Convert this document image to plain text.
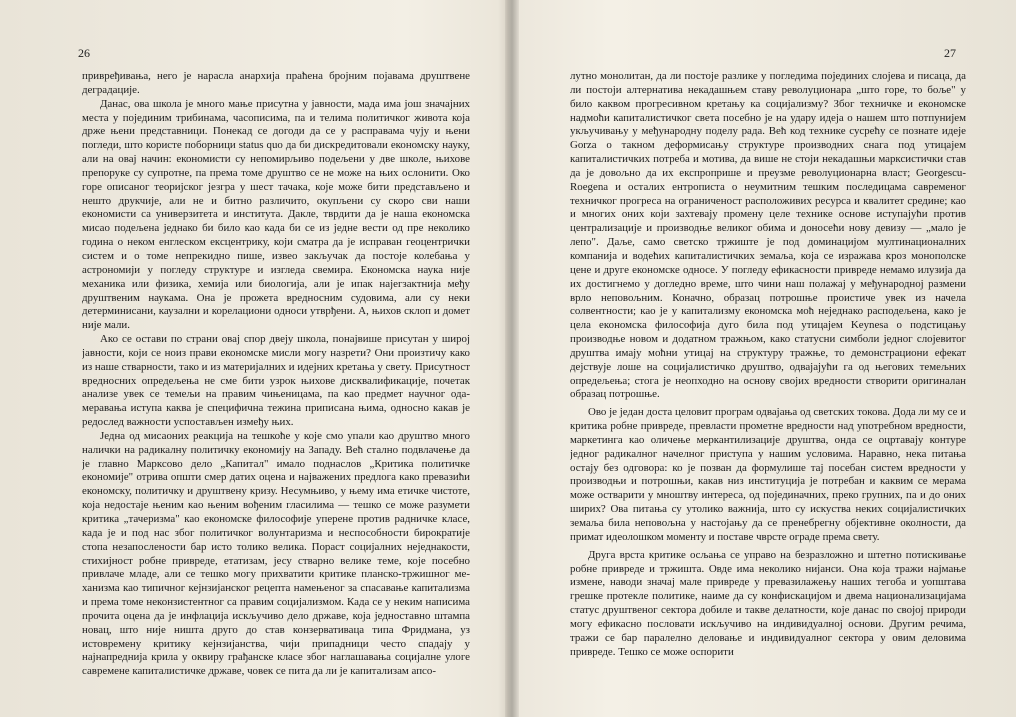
26

привређивања, него је нарасла анархија праћена бројним појавама друштвене деградације.

Данас, ова школа је много мање присутна у јавности, мада има још значајних места у појединим трибинама, часописима, па и телима политичког живота која држе њени представници. Понекад се догоди да се у расправама чују и њени погледи, што користе поборници status quo да би дискредитовали економску науку, али на овај начин: економисти су непомирљиво подељени у две школе, њихове препоруке су супротне, па према томе друштво се не може на њих ослонити. Око горе описаног теоријског језгра у шест тачака, које може бити представљено и нешто друкчије, али не и битно различито, окупљени су скоро сви наши економисти са универзитета и института. Дакле, тврдити да је наша економска мисао подељена једнако би било као када би се из једне вести од пре неколико година о неком енглеском ексцентрику, који сматра да је исправан геоцентрички систем и о томе непрекидно пише, извео закључак да постоје колебања у астрономији у погледу структуре и изгледа свемира. Економска наука није механика или физика, хемија или биологија, али је ипак најегзактнија међу друштвеним наукама. Она је прожета вредносним судовима, али су неки детерминисани, каузални и корелациони односи утврђени. А, њихов склоп и домет није мали.

Ако се остави по страни овај спор двеју школа, понајвише присутан у широј јавности, који се ноиз прави економске мисли могу назрети? Они произтичу како из наше стварности, тако и из материјалних и идејних кретања у свету. Присутност вредносних опредељења не сме бити узрок њихове дисквалификације, почетак анализе увек се темељи на правим чињеницама, па као предмет научног одамеравања иступа каква је специфична тежина приписана њима, односно какав је редослед важности успостављен између њих.

Једна од мисаоних реакција на тешкоће у које смо упали као друштво много налички на радикалну политичку економију на Западу. Већ стално подвлачење да је главно Марксово дело „Капитал" имало поднаслов „Критика политичке економије" отрива општи смер датих оцена и најважених предлога како превазићи економску, политичку и друштвену кризу. Несумњиво, у њему има етичке чистоте, која недостаје њеним као њеним вођеним гласилима — тешко се може разумети критика „тачеризма" као економске философије уперене против радничке класе, када је и под нас због политичког волунтаризма и неспособности бирократије стопа незапослености бар исто толико велика. Пораст социјалних неједнакости, стихијност робне привреде, етатизам, јесу стварно велике теме, које посебно привлаче младе, али се тешко могу прихватити критике планско-тржишног механизма као типичног кејнзијанског рецепта намењеног за спасавање капитализма и према томе неконзистентног са правим социјализмом. Када се у неким написима прочита оцена да је инфлација искључиво дело државе, која једноставно штампа новац, што није ништа друго до став конзервативаца типа Фридмана, уз истовремену критику кејнзијанства, чији припадници често спадају у најнапреднија крила у оквиру грађанске класе због наглашавања социјалне улоге савремене капиталистичке државе, човек се пита да ли је капитализам апсо-

27

лутно монолитан, да ли постоје разлике у погледима појединих слојева и писаца, да ли постоји алтернатива некадашњем ставу револуционара „што горе, то боље" у било каквом прогресивном кретању ка социјализму? Због техничке и економске надмоћи капиталистичког света посебно је на удару идеја о нашем што потпунијем укључивању у међународну поделу рада. Већ код технике сусрећу се познате идеје Gorza о такном деформисању структуре производних снага под утицајем капиталистичких потреба и мотива, да више не стоји некадашњи марксистички став да је довољно да их експроприше и преузме револуционарна власт; Georgescu-Roegena и осталих ентрописта о неумитним тешким последицама савременог техничког прогреса на ограниченост расположивих ресурса и квалитет средине; као и многих оних који захтевају промену целе технике основе иступајући против централизације и производње великог обима и доносећи нову девизу — „мало је лепо". Даље, само светско тржиште је под доминацијом мултинационалних компанија и водећих капиталистичких земаља, која се изражава кроз монополске цене и друге економске односе. У погледу ефикасности привреде немамо илузија да их достигнемо у догледно време, што чини наш полажај у међународној размени врло неповољним. Коначно, образац потрошње проистиче увек из начела солвентности; као је у капитализму економска моћ неједнако расподељена, како је цела економска философија дуго била под утицајем Keynesa о подстицању производње новом и додатном тражњом, како статусни симболи једног слојевитог друштва имају моћни утицај на структуру тражње, то демонстрациони ефекат дејствује лоше на социјалистичко друштво, одвајајући га од његових темељних опредељења; стога је неопходно на основу својих вредности створити оригиналан образац потрошње.

Ово је један доста целовит програм одвајања од светских токова. Дода ли му се и критика робне привреде, превласти прометне вредности над употребном вредности, маркетинга као оличење меркантилизације друштва, онда се оцртавају контуре једног радикалног начелног приступа у нашим условима. Наравно, нека питања остају без одговора: ко је позван да формулише тај посебан систем вредности у производњи и потрошњи, какав низ институција је потребан и каквим се мерама може остварити у мноштву интереса, од појединачних, преко групних, па и до оних ширих? Ова питања су утолико важнија, што су искуства неких социјалистичких земаља била неповољна у настојању да се пренебрегну објективне околности, да примат идеолошком моменту и поставе чврсте ограде према свету.

Друга врста критике осљања се управо на безразложно и штетно потискивање робне привреде и тржишта. Овде има неколико нијанси. Она која тражи најмање измене, наводи значај мале привреде у превазилажењу наших тегоба и уопштава грешке протекле политике, наиме да су конфискацијом и двема национализацијама статус друштвеног сектора добиле и такве делатности, које данас по својој природи могу ефикасно пословати искључиво на индивидуалној основи. Другим речима, тражи се бар паралелно деловање и индивидуалног сектора у овим деловима привреде. Тешко се може оспорити
